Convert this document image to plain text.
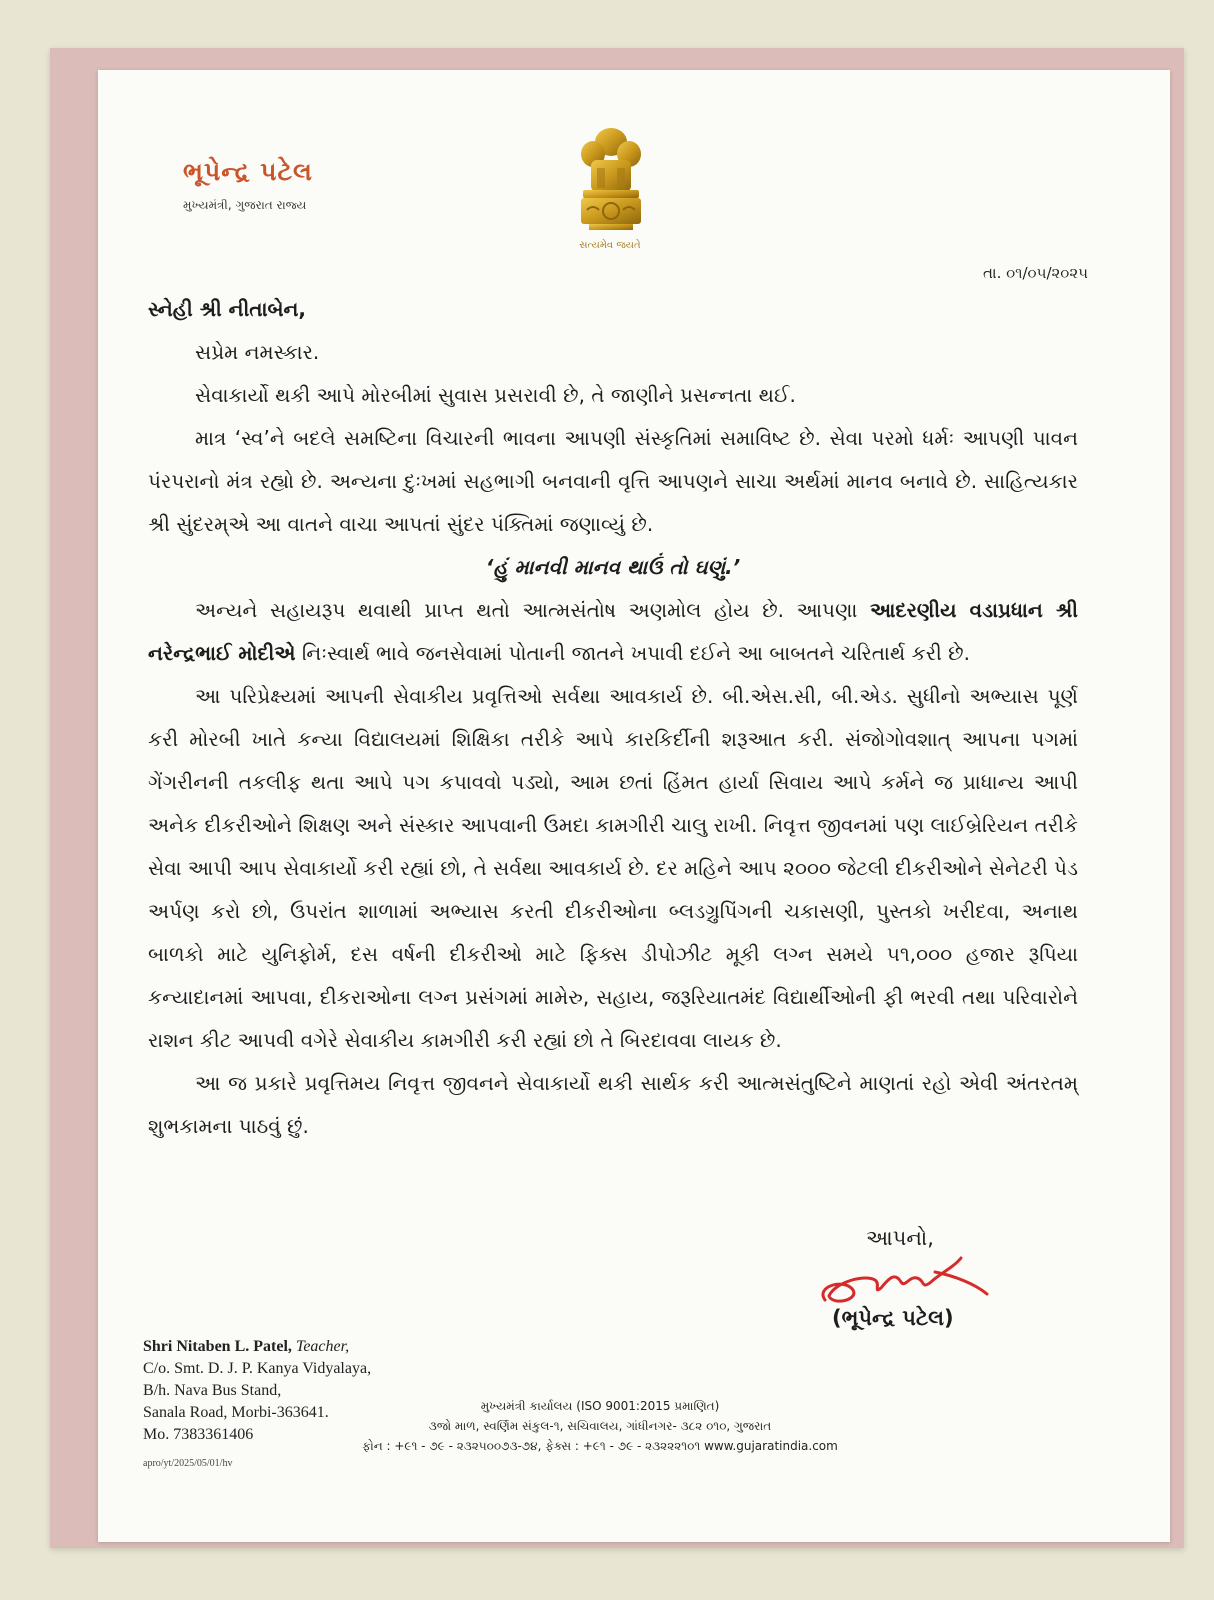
ભૂપેન્દ્ર પટેલ
મુખ્યમંત્રી, ગુજરાત રાજ્ય
સત્યમેવ જયતે
તા. ૦૧/૦૫/૨૦૨૫

સ્નેહી શ્રી નીતાબેન,

સપ્રેમ નમસ્કાર.

સેવાકાર્યો થકી આપે મોરબીમાં સુવાસ પ્રસરાવી છે, તે જાણીને પ્રસન્નતા થઈ.

માત્ર ‘સ્વ’ને બદલે સમષ્ટિના વિચારની ભાવના આપણી સંસ્કૃતિમાં સમાવિષ્ટ છે. સેવા પરમો ધર્મઃ આપણી પાવન પંરપરાનો મંત્ર રહ્યો છે. અન્યના દુઃખમાં સહભાગી બનવાની વૃત્તિ આપણને સાચા અર્થમાં માનવ બનાવે છે. સાહિત્યકાર શ્રી સુંદરમ્‌એ આ વાતને વાચા આપતાં સુંદર પંક્તિમાં જણાવ્યું છે.

‘હું માનવી માનવ થાઉં તો ઘણું.’

અન્યને સહાયરૂપ થવાથી પ્રાપ્ત થતો આત્મસંતોષ અણમોલ હોય છે. આપણા આદરણીય વડાપ્રધાન શ્રી નરેન્દ્રભાઈ મોદીએ નિઃસ્વાર્થ ભાવે જનસેવામાં પોતાની જાતને ખપાવી દઈને આ બાબતને ચરિતાર્થ કરી છે.

આ પરિપ્રેક્ષ્યમાં આપની સેવાકીય પ્રવૃત્તિઓ સર્વથા આવકાર્ય છે. બી.એસ.સી, બી.એડ. સુધીનો અભ્યાસ પૂર્ણ કરી મોરબી ખાતે કન્યા વિદ્યાલયમાં શિક્ષિકા તરીકે આપે કારકિર્દીની શરૂઆત કરી. સંજોગોવશાત્ આપના પગમાં ગેંગરીનની તકલીફ થતા આપે પગ કપાવવો પડ્યો, આમ છતાં હિંમત હાર્યા સિવાય આપે કર્મને જ પ્રાધાન્ય આપી અનેક દીકરીઓને શિક્ષણ અને સંસ્કાર આપવાની ઉમદા કામગીરી ચાલુ રાખી. નિવૃત્ત જીવનમાં પણ લાઈબ્રેરિયન તરીકે સેવા આપી આપ સેવાકાર્યો કરી રહ્યાં છો, તે સર્વથા આવકાર્ય છે. દર મહિને આપ ૨૦૦૦ જેટલી દીકરીઓને સેનેટરી પેડ અર્પણ કરો છો, ઉપરાંત શાળામાં અભ્યાસ કરતી દીકરીઓના બ્લડગ્રુપિંગની ચકાસણી, પુસ્તકો ખરીદવા, અનાથ બાળકો માટે યુનિફોર્મ, દસ વર્ષની દીકરીઓ માટે ફિક્સ ડીપોઝીટ મૂકી લગ્ન સમયે ૫૧,૦૦૦ હજાર રૂપિયા કન્યાદાનમાં આપવા, દીકરાઓના લગ્ન પ્રસંગમાં મામેરુ, સહાય, જરૂરિયાતમંદ વિદ્યાર્થીઓની ફી ભરવી તથા પરિવારોને રાશન કીટ આપવી વગેરે સેવાકીય કામગીરી કરી રહ્યાં છો તે બિરદાવવા લાયક છે.

આ જ પ્રકારે પ્રવૃત્તિમય નિવૃત્ત જીવનને સેવાકાર્યો થકી સાર્થક કરી આત્મસંતુષ્ટિને માણતાં રહો એવી અંતરતમ્ શુભકામના પાઠવું છું.

આપનો,
(ભૂપેન્દ્ર પટેલ)
Shri Nitaben L. Patel, Teacher,
C/o. Smt. D. J. P. Kanya Vidyalaya,
B/h. Nava Bus Stand,
Sanala Road, Morbi-363641.
Mo. 7383361406
apro/yt/2025/05/01/hv
મુખ્યમંત્રી કાર્યાલય (ISO 9001:2015 પ્રમાણિત)
૩જો માળ, સ્વર્ણિમ સંકુલ-૧, સચિવાલય, ગાંધીનગર- ૩૮૨ ૦૧૦, ગુજરાત
ફોન : +૯૧ - ૭૯ - ૨૩૨૫૦૦૭૩-૭૪, ફેક્સ : +૯૧ - ૭૯ - ૨૩૨૨૨૧૦૧ www.gujaratindia.com
